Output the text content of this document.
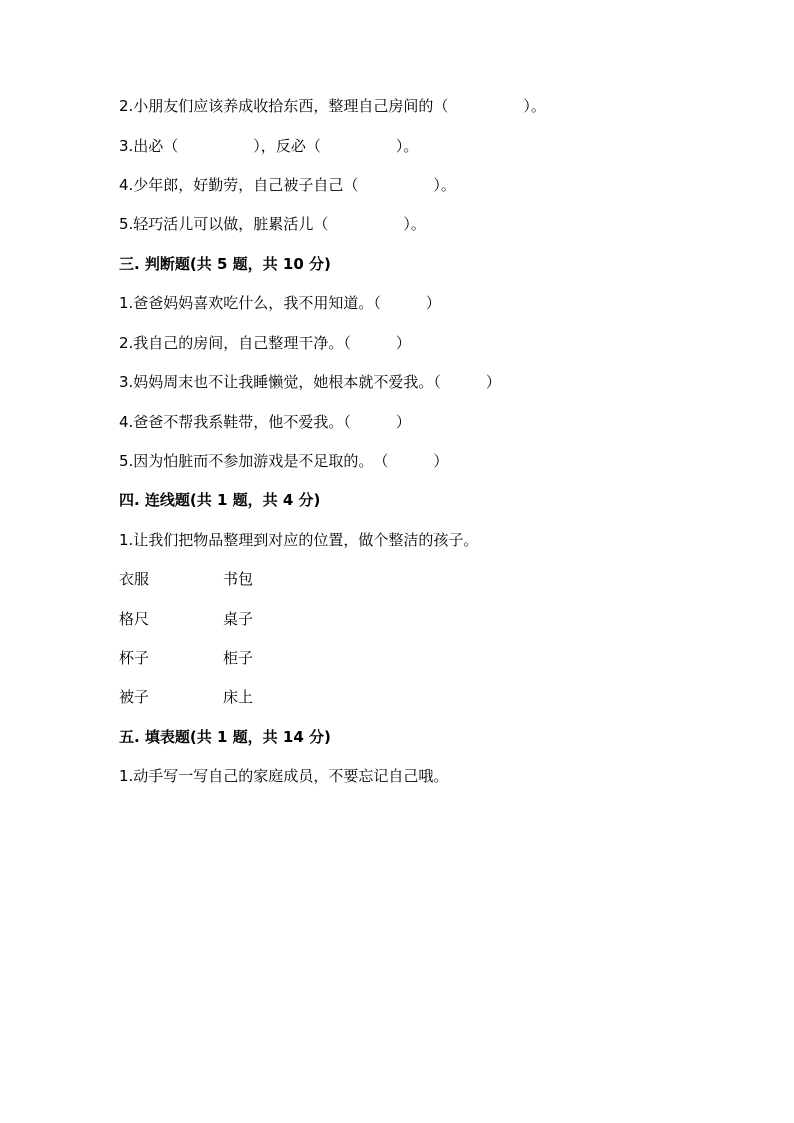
2.小朋友们应该养成收拾东西，整理自己房间的（　　　　　）。
3.出必（　　　　　），反必（　　　　　）。
4.少年郎，好勤劳，自己被子自己（　　　　　）。
5.轻巧活儿可以做，脏累活儿（　　　　　）。
三. 判断题(共 5 题，共 10 分)
1.爸爸妈妈喜欢吃什么，我不用知道。（　　　）
2.我自己的房间，自己整理干净。（　　　）
3.妈妈周末也不让我睡懒觉，她根本就不爱我。（　　　）
4.爸爸不帮我系鞋带，他不爱我。（　　　）
5.因为怕脏而不参加游戏是不足取的。　（　　　）
四. 连线题(共 1 题，共 4 分)
1.让我们把物品整理到对应的位置，做个整洁的孩子。
衣服	书包
格尺	桌子
杯子	柜子
被子	床上
五. 填表题(共 1 题，共 14 分)
1.动手写一写自己的家庭成员，不要忘记自己哦。
